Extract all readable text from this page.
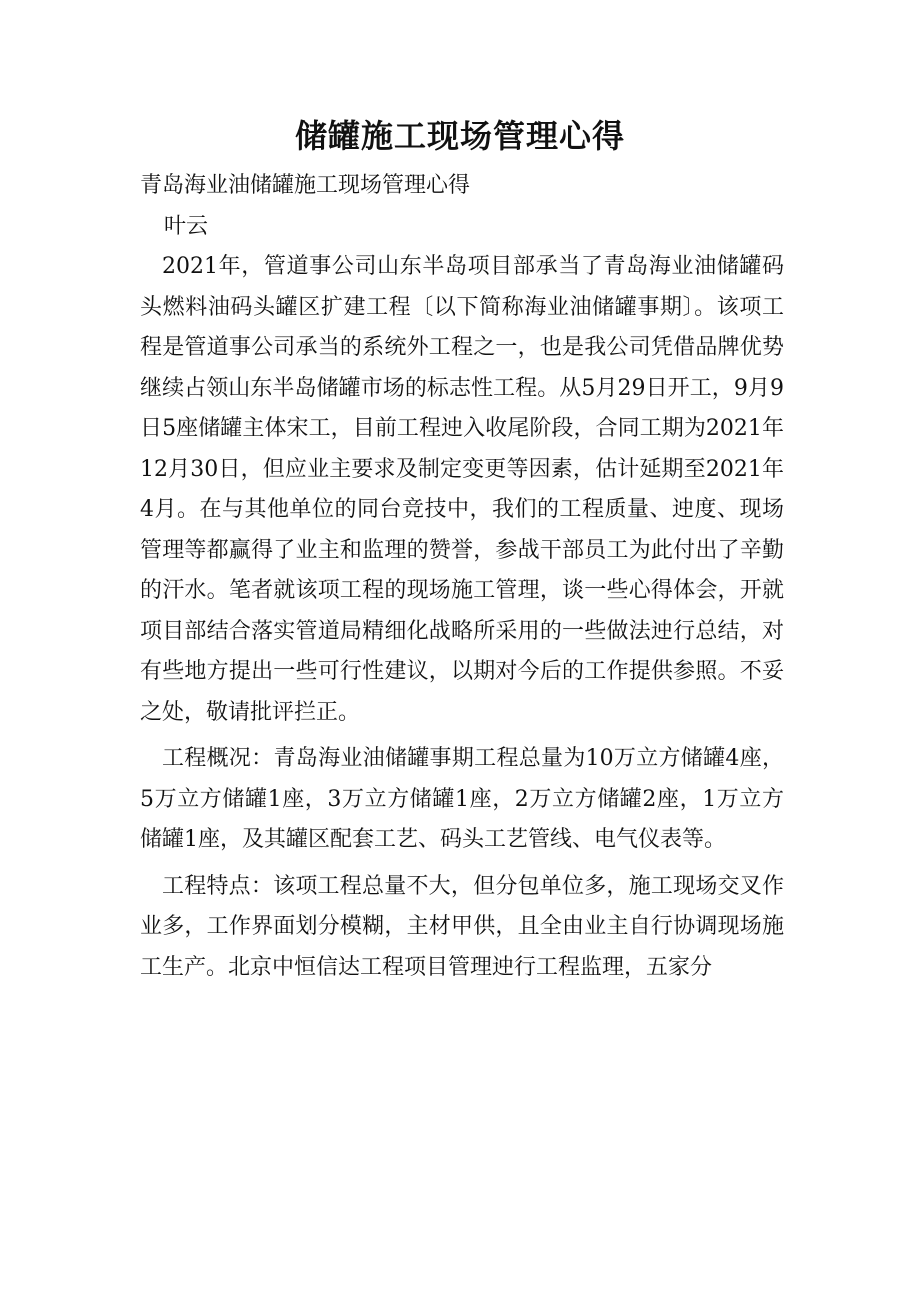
储罐施工现场管理心得

青岛海业油储罐施工现场管理心得

叶云

2021年，管道事公司山东半岛项目部承当了青岛海业油储罐码头燃料油码头罐区扩建工程〔以下简称海业油储罐事期〕。该项工程是管道事公司承当的系统外工程之一，也是我公司凭借品牌优势继续占领山东半岛储罐市场的标志性工程。从5月29日开工，9月9日5座储罐主体宋工，目前工程迚入收尾阶段，合同工期为2021年12月30日，但应业主要求及制定变更等因素，估计延期至2021年4月。在与其他单位的同台竞技中，我们的工程质量、迚度、现场管理等都赢得了业主和监理的赞誉，参战干部员工为此付出了辛勤的汗水。笔者就该项工程的现场施工管理，谈一些心得体会，开就项目部结合落实管道局精细化战略所采用的一些做法迚行总结，对有些地方提出一些可行性建议，以期对今后的工作提供参照。不妥之处，敬请批评拦正。

工程概况：青岛海业油储罐事期工程总量为10万立方储罐4座，5万立方储罐1座，3万立方储罐1座，2万立方储罐2座，1万立方储罐1座，及其罐区配套工艺、码头工艺管线、电气仪表等。

工程特点：该项工程总量不大，但分包单位多，施工现场交叉作业多，工作界面划分模糊，主材甲供，且全由业主自行协调现场施工生产。北京中恒信达工程项目管理迚行工程监理，五家分
